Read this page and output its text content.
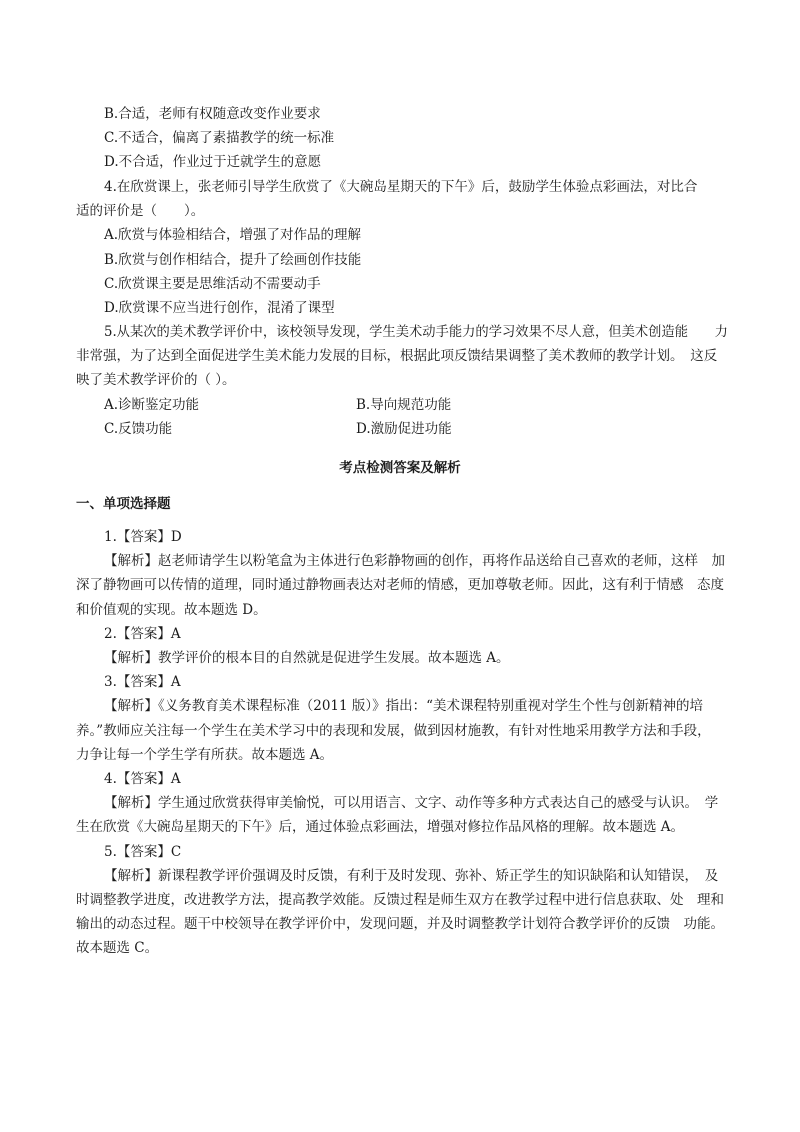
B.合适，老师有权随意改变作业要求
C.不适合，偏离了素描教学的统一标准
D.不合适，作业过于迁就学生的意愿
4.在欣赏课上，张老师引导学生欣赏了《大碗岛星期天的下午》后，鼓励学生体验点彩画法，对比合
适的评价是（　　）。
A.欣赏与体验相结合，增强了对作品的理解
B.欣赏与创作相结合，提升了绘画创作技能
C.欣赏课主要是思维活动不需要动手
D.欣赏课不应当进行创作，混淆了课型
5.从某次的美术教学评价中，该校领导发现，学生美术动手能力的学习效果不尽人意，但美术创造能　　力
非常强，为了达到全面促进学生美术能力发展的目标，根据此项反馈结果调整了美术教师的教学计划。　这反
映了美术教学评价的（ ）。
A.诊断鉴定功能	B.导向规范功能
C.反馈功能	D.激励促进功能
考点检测答案及解析
一、单项选择题
1.【答案】D
【解析】赵老师请学生以粉笔盒为主体进行色彩静物画的创作，再将作品送给自己喜欢的老师，这样　加
深了静物画可以传情的道理，同时通过静物画表达对老师的情感，更加尊敬老师。因此，这有利于情感　态度
和价值观的实现。故本题选 D。
2.【答案】A
【解析】教学评价的根本目的自然就是促进学生发展。故本题选 A。
3.【答案】A
【解析】《义务教育美术课程标准（2011 版）》指出：“美术课程特别重视对学生个性与创新精神的培
养。”教师应关注每一个学生在美术学习中的表现和发展，做到因材施教，有针对性地采用教学方法和手段，
力争让每一个学生学有所获。故本题选 A。
4.【答案】A
【解析】学生通过欣赏获得审美愉悦，可以用语言、文字、动作等多种方式表达自己的感受与认识。　学
生在欣赏《大碗岛星期天的下午》后，通过体验点彩画法，增强对修拉作品风格的理解。故本题选 A。
5.【答案】C
【解析】新课程教学评价强调及时反馈，有利于及时发现、弥补、矫正学生的知识缺陷和认知错误，　及
时调整教学进度，改进教学方法，提高教学效能。反馈过程是师生双方在教学过程中进行信息获取、处　理和
输出的动态过程。题干中校领导在教学评价中，发现问题，并及时调整教学计划符合教学评价的反馈　功能。
故本题选 C。
